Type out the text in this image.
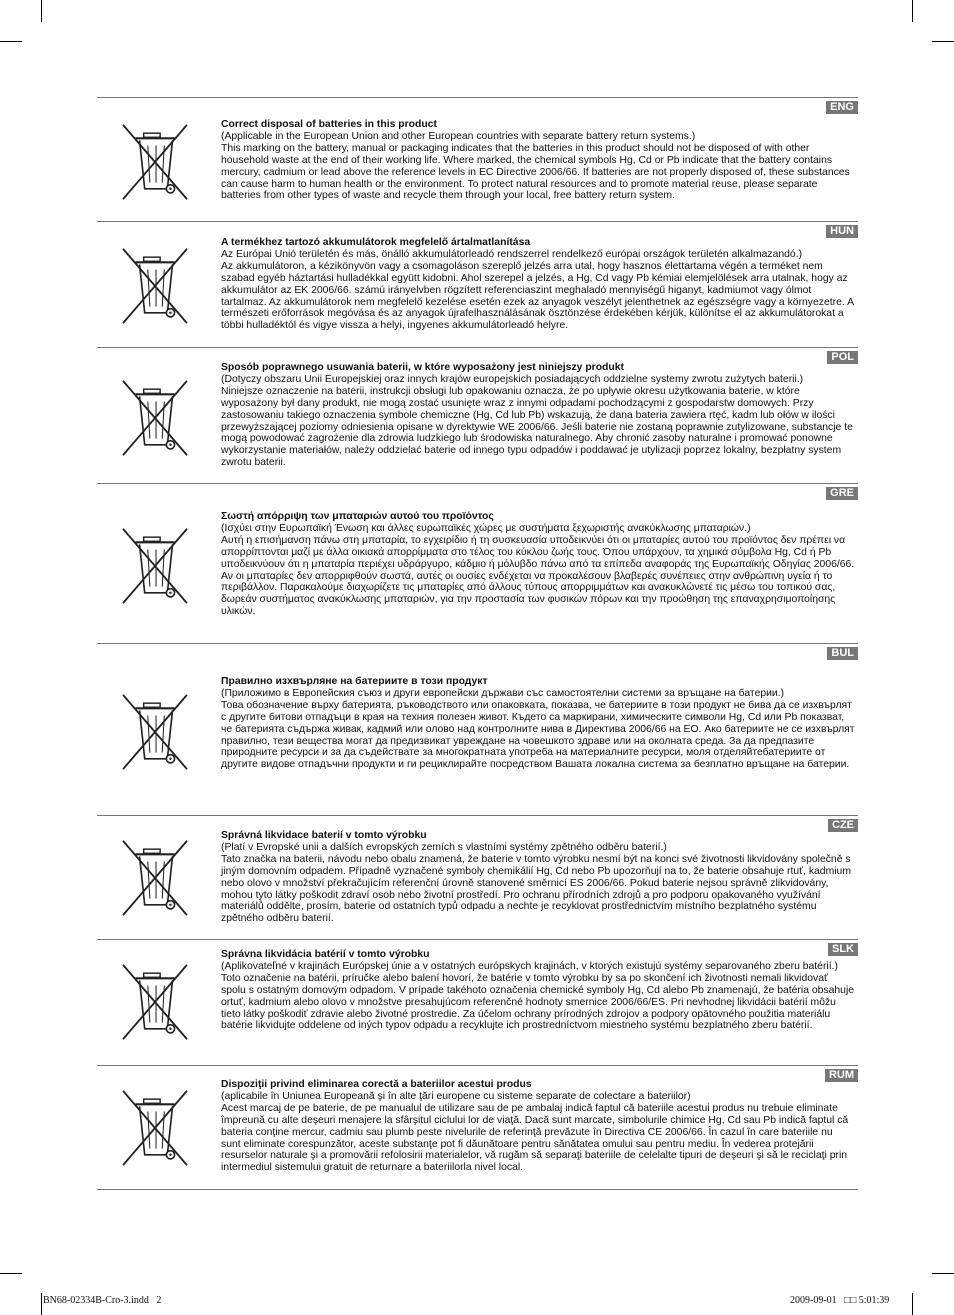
ENG
Correct disposal of batteries in this product
(Applicable in the European Union and other European countries with separate battery return systems.)
This marking on the battery, manual or packaging indicates that the batteries in this product should not be disposed of with other household waste at the end of their working life. Where marked, the chemical symbols Hg, Cd or Pb indicate that the battery contains mercury, cadmium or lead above the reference levels in EC Directive 2006/66. If batteries are not properly disposed of, these substances can cause harm to human health or the environment. To protect natural resources and to promote material reuse, please separate batteries from other types of waste and recycle them through your local, free battery return system.
HUN
A termékhez tartozó akkumulátorok megfelelő ártalmatlanítása
Az Európai Unió területén és más, önálló akkumulátorleadó rendszerrel rendelkező európai országok területén alkalmazandó.)
Az akkumulátoron, a kézikönyvön vagy a csomagoláson szereplő jelzés arra utal, hogy hasznos élettartama végén a terméket nem szabad egyéb háztartási hulladékkal együtt kidobni. Ahol szerepel a jelzés, a Hg, Cd vagy Pb kémiai elemjelölések arra utalnak, hogy az akkumulátor az EK 2006/66. számú irányelvben rögzített referenciaszint meghaladó mennyiségű higanyt, kadmiumot vagy ólmot tartalmaz. Az akkumulátorok nem megfelelő kezelése esetén ezek az anyagok veszélyt jelenthetnek az egészségre vagy a környezetre. A természeti erőforrások megóvása és az anyagok újrafelhasználásának ösztönzése érdekében kérjük, különítse el az akkumulátorokat a többi hulladéktól és vigye vissza a helyi, ingyenes akkumulátorleadó helyre.
POL
Sposób poprawnego usuwania baterii, w które wyposażony jest niniejszy produkt
(Dotyczy obszaru Unii Europejskiej oraz innych krajów europejskich posiadających oddzielne systemy zwrotu zużytych baterii.)
Niniejsze oznaczenie na baterii, instrukcji obsługi lub opakowaniu oznacza, że po upływie okresu użytkowania baterie, w które wyposażony był dany produkt, nie mogą zostać usunięte wraz z innymi odpadami pochodzącymi z gospodarstw domowych. Przy zastosowaniu takiego oznaczenia symbole chemiczne (Hg, Cd lub Pb) wskazują, że dana bateria zawiera rtęć, kadm lub ołów w ilości przewyższającej poziomy odniesienia opisane w dyrektywie WE 2006/66. Jeśli baterie nie zostaną poprawnie zutylizowane, substancje te mogą powodować zagrożenie dla zdrowia ludzkiego lub środowiska naturalnego. Aby chronić zasoby naturalne i promować ponowne wykorzystanie materiałów, należy oddzielać baterie od innego typu odpadów i poddawać je utylizacji poprzez lokalny, bezpłatny system zwrotu baterii.
GRE
Σωστή απόρριψη των μπαταριών αυτού του προϊόντος
(Ισχύει στην Ευρωπαϊκή Ένωση και άλλες ευρωπαϊκές χώρες με συστήματα ξεχωριστής ανακύκλωσης μπαταριών.)
Αυτή η επισήμανση πάνω στη μπαταρία, το εγχειρίδιο ή τη συσκευασία υποδεικνύει ότι οι μπαταρίες αυτού του προϊόντος δεν πρέπει να απορρίπτονται μαζί με άλλα οικιακά απορρίμματα στο τέλος του κύκλου ζωής τους. Όπου υπάρχουν, τα χημικά σύμβολα Hg, Cd ή Pb υποδεικνύουν ότι η μπαταρία περιέχει υδράργυρο, κάδμιο ή μόλυβδο πάνω από τα επίπεδα αναφοράς της Ευρωπαϊκής Οδηγίας 2006/66. Αν οι μπαταρίες δεν απορριφθούν σωστά, αυτές οι ουσίες ενδέχεται να προκαλέσουν βλαβερές συνέπειες στην ανθρώπινη υγεία ή το περιβάλλον. Παρακαλούμε διαχωρίζετε τις μπαταρίες από άλλους τύπους απορριμμάτων και ανακυκλώνετέ τις μέσω του τοπικού σας, δωρεάν συστήματος ανακύκλωσης μπαταριών, για την προστασία των φυσικών πόρων και την προώθηση της επαναχρησιμοποίησης υλικών.
BUL
Правилно изхвърляне на батериите в този продукт
(Приложимо в Европейския съюз и други европейски държави със самостоятелни системи за връщане на батерии.)
Това обозначение върху батерията, ръководството или опаковката, показва, че батериите в този продукт не бива да се изхвърлят с другите битови отпадъци в края на техния полезен живот. Където са маркирани, химическите символи Hg, Cd или Pb показват, че батерията съдържа живак, кадмий или олово над контролните нива в Директива 2006/66 на ЕО. Ако батериите не се изхвърлят правилно, тези вещества могат да предизвикат увреждане на човешкото здраве или на околната среда. За да предпазите природните ресурси и за да съдействате за многократната употреба на материалните ресурси, моля отделяйтебатериите от другите видове отпадъчни продукти и ги рециклирайте посредством Вашата локална система за безплатно връщане на батерии.
CZE
Správná likvidace baterií v tomto výrobku
(Platí v Evropské unii a dalších evropských zemích s vlastními systémy zpětného odběru baterií.)
Tato značka na baterii, návodu nebo obalu znamená, že baterie v tomto výrobku nesmí být na konci své životnosti likvidovány společně s jiným domovním odpadem. Případně vyznačené symboly chemikálií Hg, Cd nebo Pb upozorňují na to, že baterie obsahuje rtuť, kadmium nebo olovo v množství překračujícím referenční úrovně stanovené směrnicí ES 2006/66. Pokud baterie nejsou správně zlikvidovány, mohou tyto látky poškodit zdraví osob nebo životní prostředí. Pro ochranu přírodních zdrojů a pro podporu opakovaného využívání materiálů oddělte, prosím, baterie od ostatních typů odpadu a nechte je recyklovat prostřednictvím místního bezplatného systému zpětného odběru baterií.
SLK
Správna likvidácia batérií v tomto výrobku
(Aplikovateľné v krajinách Európskej únie a v ostatných európskych krajinách, v ktorých existujú systémy separovaného zberu batérií.)
Toto označenie na batérii, príručke alebo balení hovorí, že batérie v tomto výrobku by sa po skončení ich životnosti nemali likvidovať spolu s ostatným domovým odpadom. V prípade takéhoto označenia chemické symboly Hg, Cd alebo Pb znamenajú, že batéria obsahuje ortuť, kadmium alebo olovo v množstve presahujúcom referenčné hodnoty smernice 2006/66/ES. Pri nevhodnej likvidácii batérií môžu tieto látky poškodiť zdravie alebo životné prostredie. Za účelom ochrany prírodných zdrojov a podpory opätovného použitia materiálu batérie likvidujte oddelene od iných typov odpadu a recyklujte ich prostredníctvom miestneho systému bezplatného zberu batérií.
RUM
Dispoziţii privind eliminarea corectă a bateriilor acestui produs
(aplicabile în Uniunea Europeană şi în alte ţări europene cu sisteme separate de colectare a bateriilor)
Acest marcaj de pe baterie, de pe manualul de utilizare sau de pe ambalaj indică faptul că bateriile acestui produs nu trebuie eliminate împreună cu alte deşeuri menajere la sfârşitul ciclului lor de viaţă. Dacă sunt marcate, simbolurile chimice Hg, Cd sau Pb indică faptul că bateria conţine mercur, cadmiu sau plumb peste nivelurile de referinţă prevăzute în Directiva CE 2006/66. În cazul în care bateriile nu sunt eliminate corespunzător, aceste substanţe pot fi dăunătoare pentru sănătatea omului sau pentru mediu. În vederea protejării resurselor naturale şi a promovării refolosirii materialelor, vă rugăm să separaţi bateriile de celelalte tipuri de deşeuri şi să le reciclaţi prin intermediul sistemului gratuit de returnare a bateriilorla nivel local.
BN68-02334B-Cro-3.indd   2	2009-09-01   □□ 5:01:39
